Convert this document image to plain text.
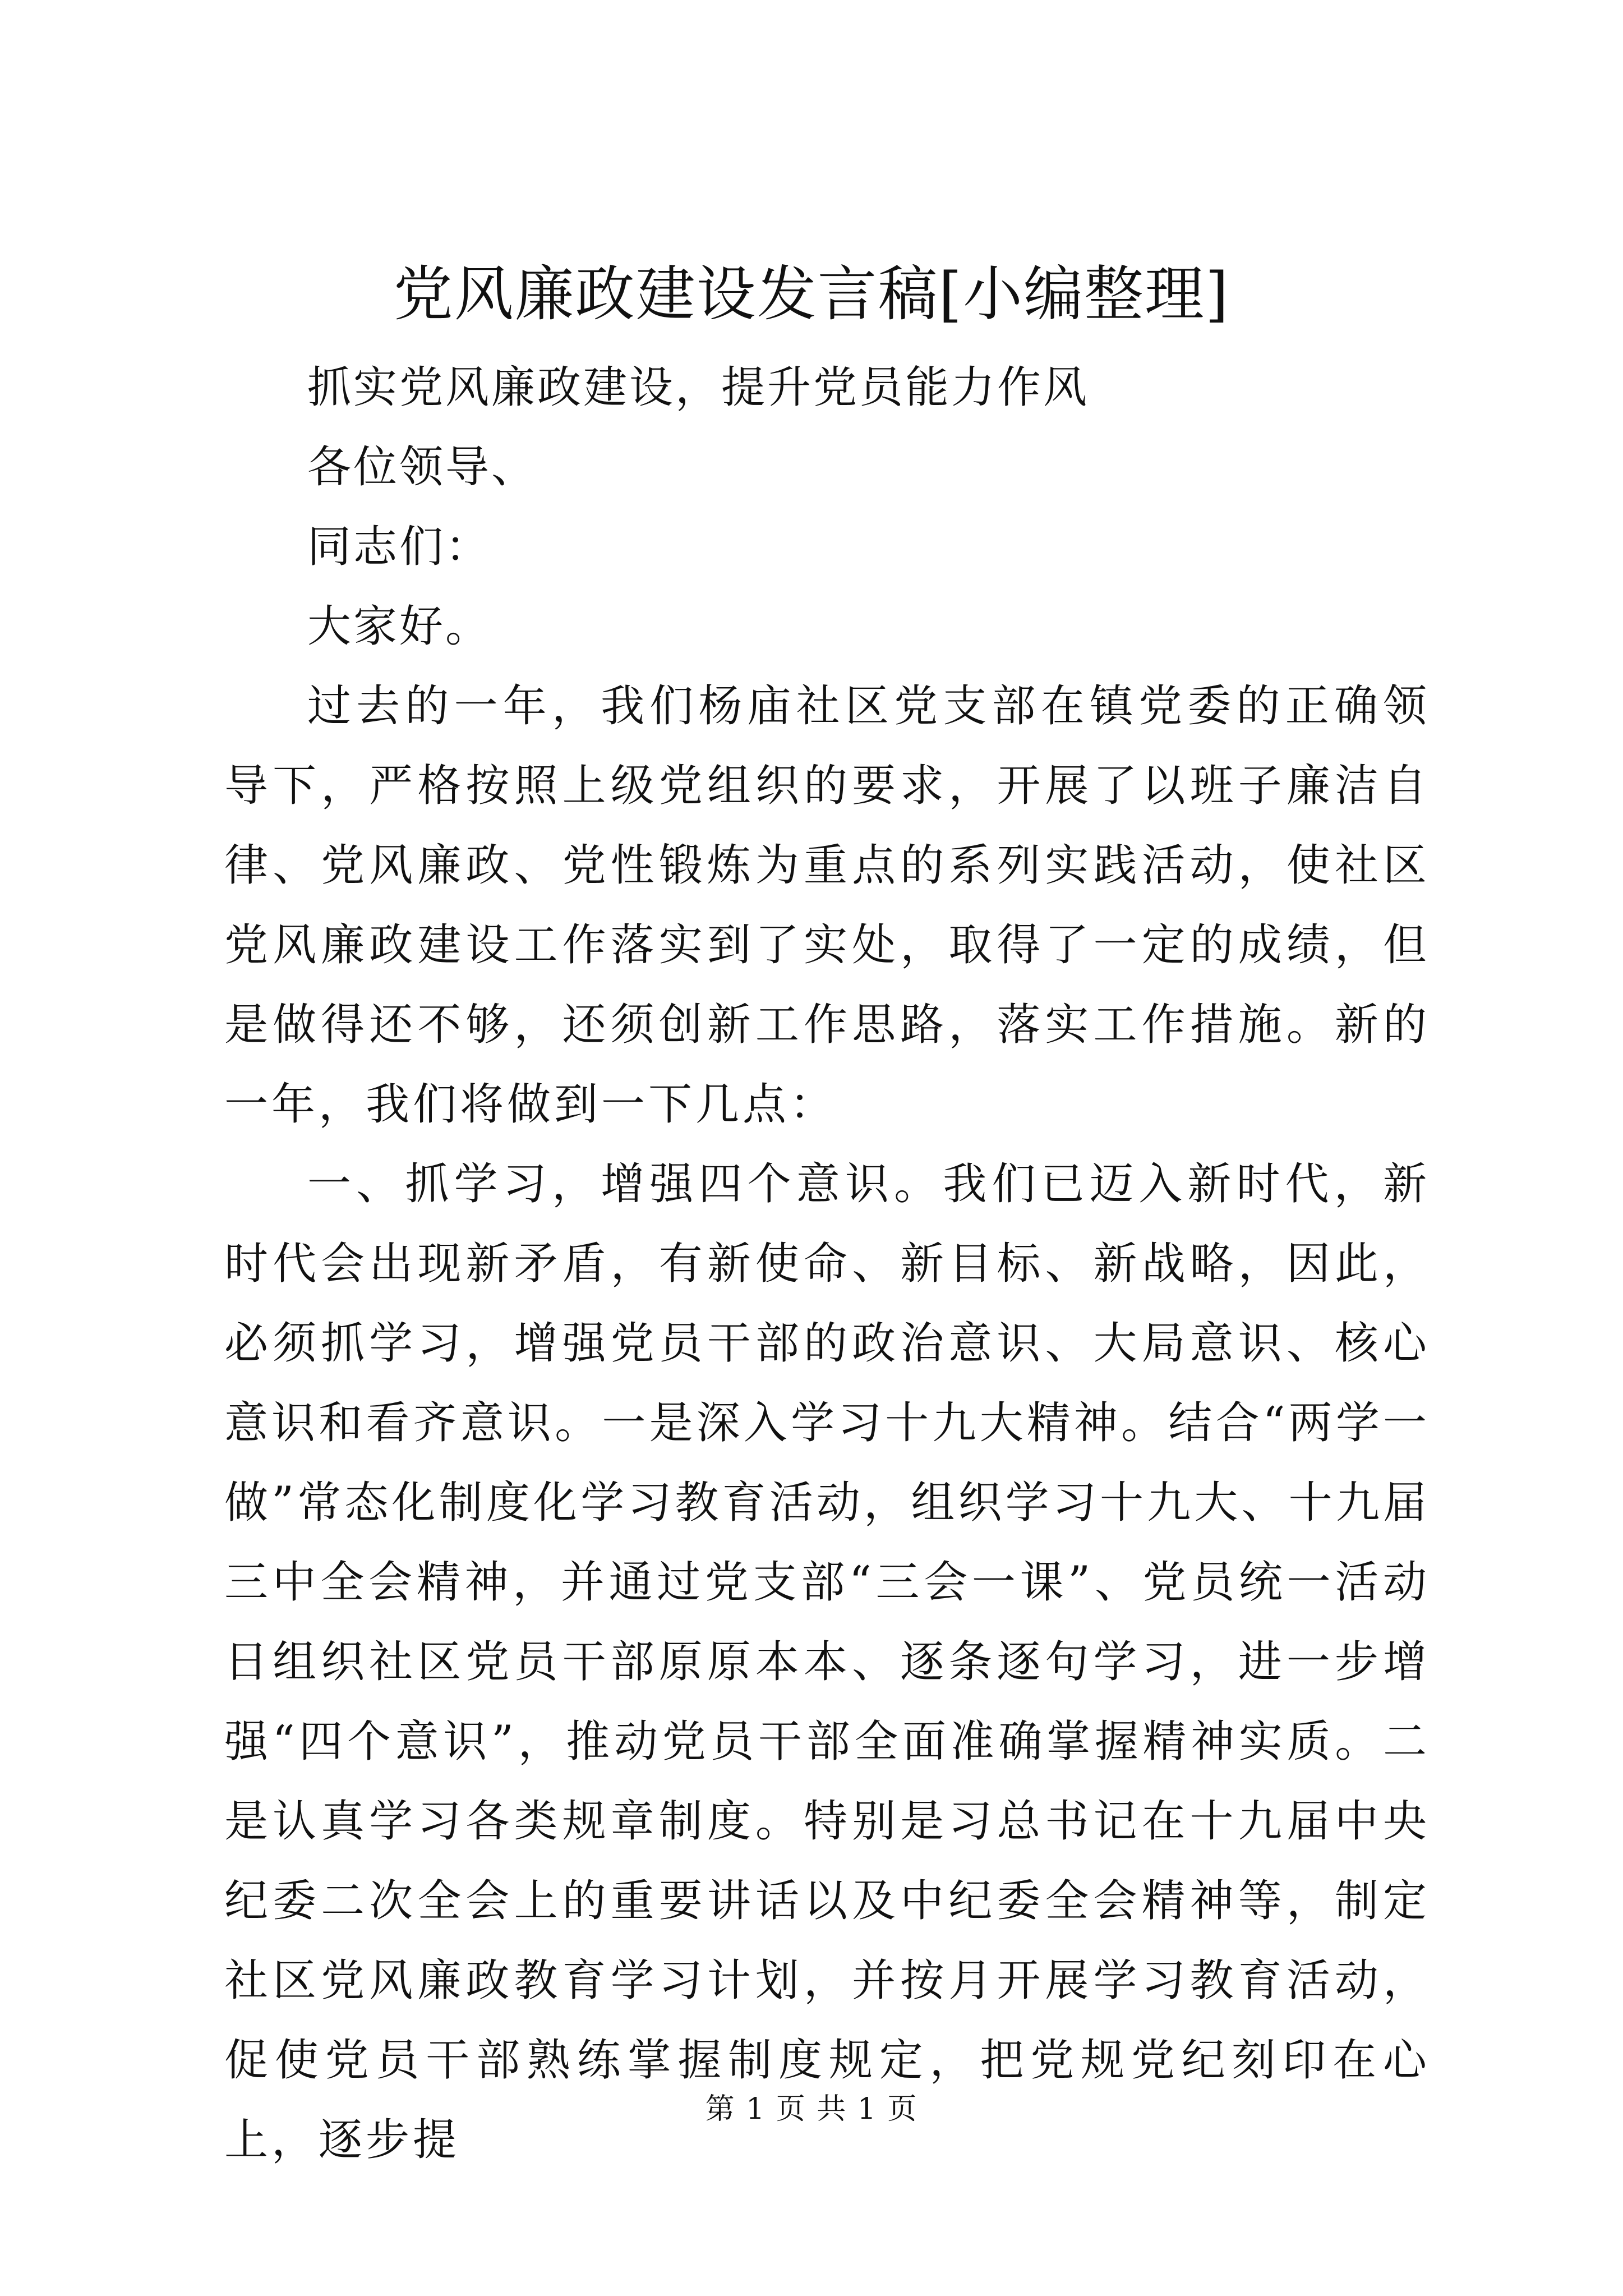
党风廉政建设发言稿[小编整理]

抓实党风廉政建设，提升党员能力作风

各位领导、

同志们：

大家好。

过去的一年，我们杨庙社区党支部在镇党委的正确领导下，严格按照上级党组织的要求，开展了以班子廉洁自律、党风廉政、党性锻炼为重点的系列实践活动，使社区党风廉政建设工作落实到了实处，取得了一定的成绩，但是做得还不够，还须创新工作思路，落实工作措施。新的一年，我们将做到一下几点：

一、抓学习，增强四个意识。我们已迈入新时代，新时代会出现新矛盾，有新使命、新目标、新战略，因此，必须抓学习，增强党员干部的政治意识、大局意识、核心意识和看齐意识。一是深入学习十九大精神。结合“两学一做”常态化制度化学习教育活动，组织学习十九大、十九届三中全会精神，并通过党支部“三会一课”、党员统一活动日组织社区党员干部原原本本、逐条逐句学习，进一步增强“四个意识”，推动党员干部全面准确掌握精神实质。二是认真学习各类规章制度。特别是习总书记在十九届中央纪委二次全会上的重要讲话以及中纪委全会精神等，制定社区党风廉政教育学习计划，并按月开展学习教育活动，促使党员干部熟练掌握制度规定，把党规党纪刻印在心上，逐步提

第 1 页 共 1 页
